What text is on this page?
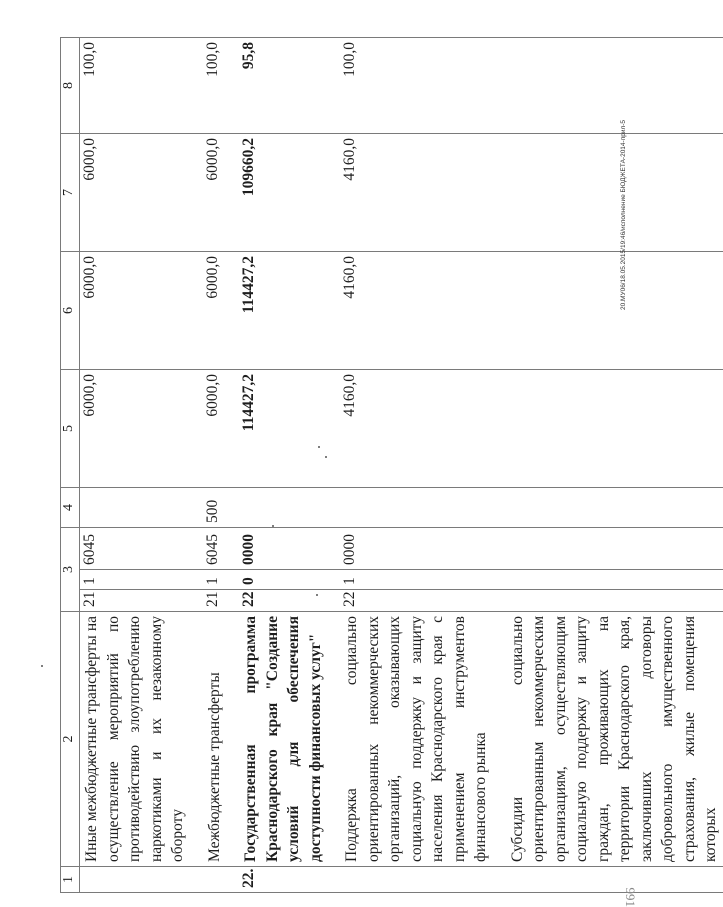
1	2	3			4	5	6	7	8
	Иные межбюджетные трансферты на осуществление мероприятий по противодействию злоупотреблению наркотиками и их незаконному обороту	21	1	6045		6000,0	6000,0	6000,0	100,0
	Межбюджетные трансферты	21	1	6045	500	6000,0	6000,0	6000,0	100,0
22.	Государственная программа Краснодарского края "Создание условий для обеспечения доступности финансовых услуг"	22	0	0000		114427,2	114427,2	109660,2	95,8
	Поддержка социально ориентированных некоммерческих организаций, оказывающих социальную поддержку и защиту населения Краснодарского края с применением инструментов финансового рынка	22	1	0000		4160,0	4160,0	4160,0	100,0
	Субсидии социально ориентированным некоммерческим организациям, осуществляющим социальную поддержку и защиту граждан, проживающих на территории Краснодарского края, заключивших договоры добровольного имущественного страхования, жилые помещения которых								
20.МУ06/18.05.2015/19:46/исполнение БЮДЖЕТА-2014-прил-5
991
